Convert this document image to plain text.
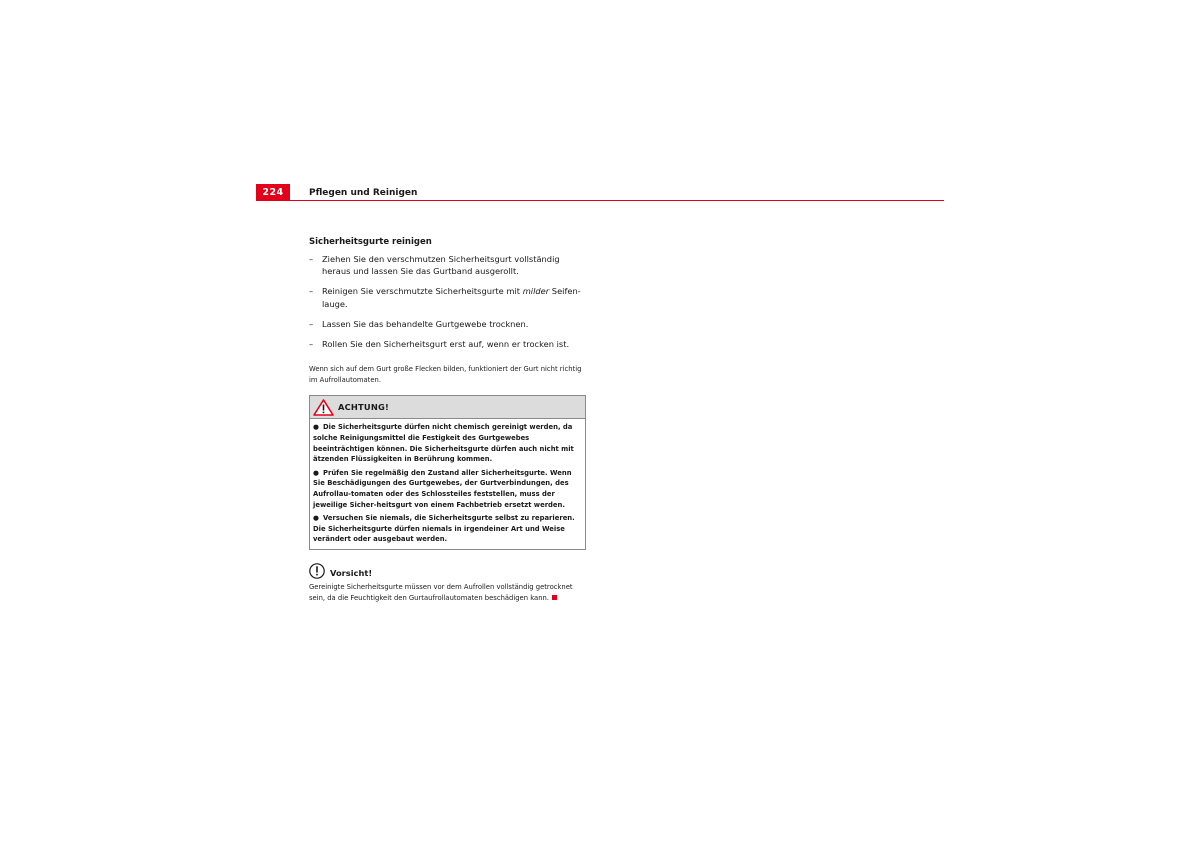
224	Pflegen und Reinigen
Sicherheitsgurte reinigen
– Ziehen Sie den verschmutzen Sicherheitsgurt vollständig heraus und lassen Sie das Gurtband ausgerollt.
– Reinigen Sie verschmutzte Sicherheitsgurte mit milder Seifen-lauge.
– Lassen Sie das behandelte Gurtgewebe trocknen.
– Rollen Sie den Sicherheitsgurt erst auf, wenn er trocken ist.

Wenn sich auf dem Gurt große Flecken bilden, funktioniert der Gurt nicht richtig im Aufrollautomaten.

ACHTUNG!
● Die Sicherheitsgurte dürfen nicht chemisch gereinigt werden, da solche Reinigungsmittel die Festigkeit des Gurtgewebes beeinträchtigen können. Die Sicherheitsgurte dürfen auch nicht mit ätzenden Flüssigkeiten in Berührung kommen.
● Prüfen Sie regelmäßig den Zustand aller Sicherheitsgurte. Wenn Sie Beschädigungen des Gurtgewebes, der Gurtverbindungen, des Aufrollau-tomaten oder des Schlossteiles feststellen, muss der jeweilige Sicher-heitsgurt von einem Fachbetrieb ersetzt werden.
● Versuchen Sie niemals, die Sicherheitsgurte selbst zu reparieren. Die Sicherheitsgurte dürfen niemals in irgendeiner Art und Weise verändert oder ausgebaut werden.
Vorsicht!
Gereinigte Sicherheitsgurte müssen vor dem Aufrollen vollständig getrocknet sein, da die Feuchtigkeit den Gurtaufrollautomaten beschädigen kann.
